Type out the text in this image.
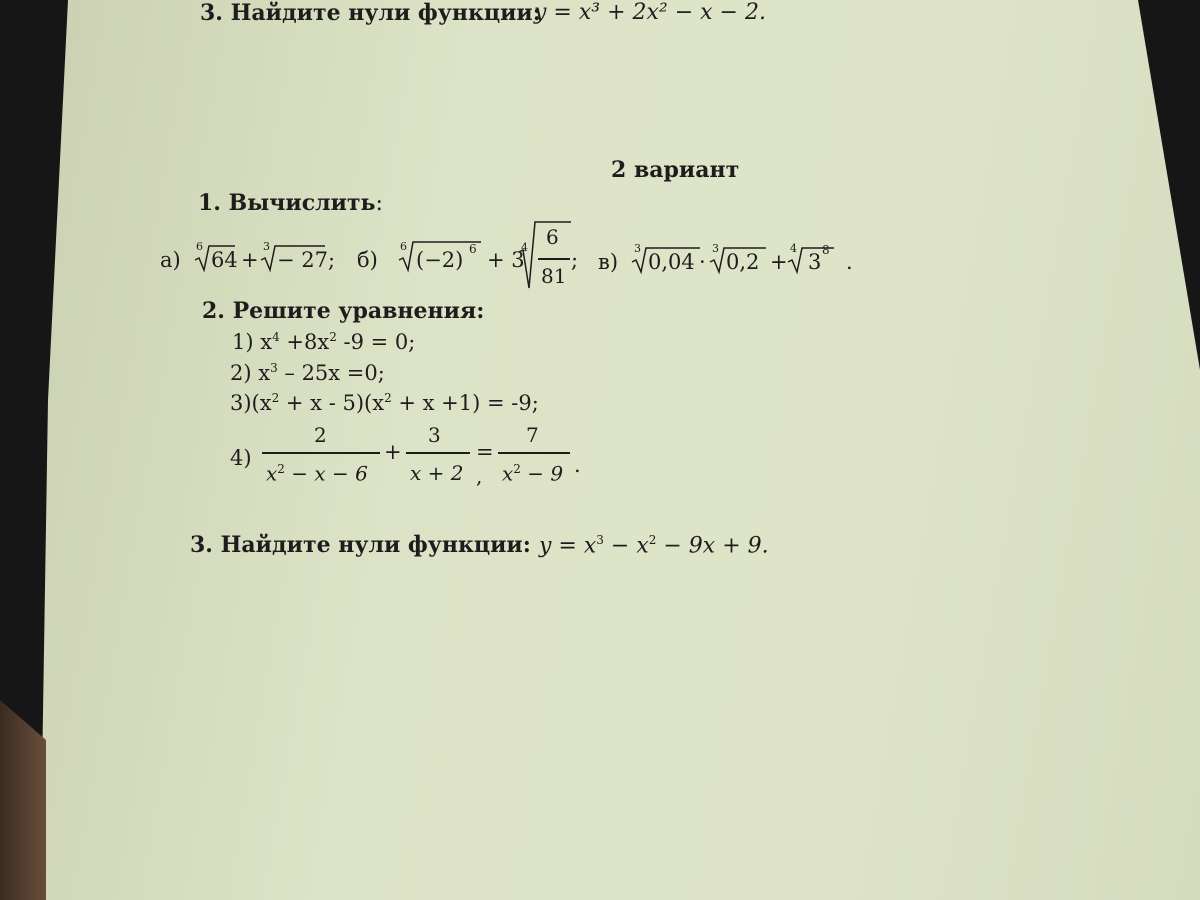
3. Найдите нули функции:
y = x³ + 2x² − x − 2.
2 вариант
1. Вычислить:
а)
6
64 +
3
− 27 ; б)
6
(−2) 6 + 3
4 6
81
; в)
3
0,04 ·
3
0,2 +
4
3 8 .
2. Решите уравнения:
1) $x^4 +8x^2$ -9 = 0;
2) $x^3 - 25x =0$;
$3)(x^2 + x - 5)(x^2 + x +1) = -9$;
4)
2
$x^2 - x - 6$
+
3
x + 2 ,
=
7
$x^2 - 9$ .
3. Найдите нули функции: $y = x^3 - x^2 - 9x + 9$.
